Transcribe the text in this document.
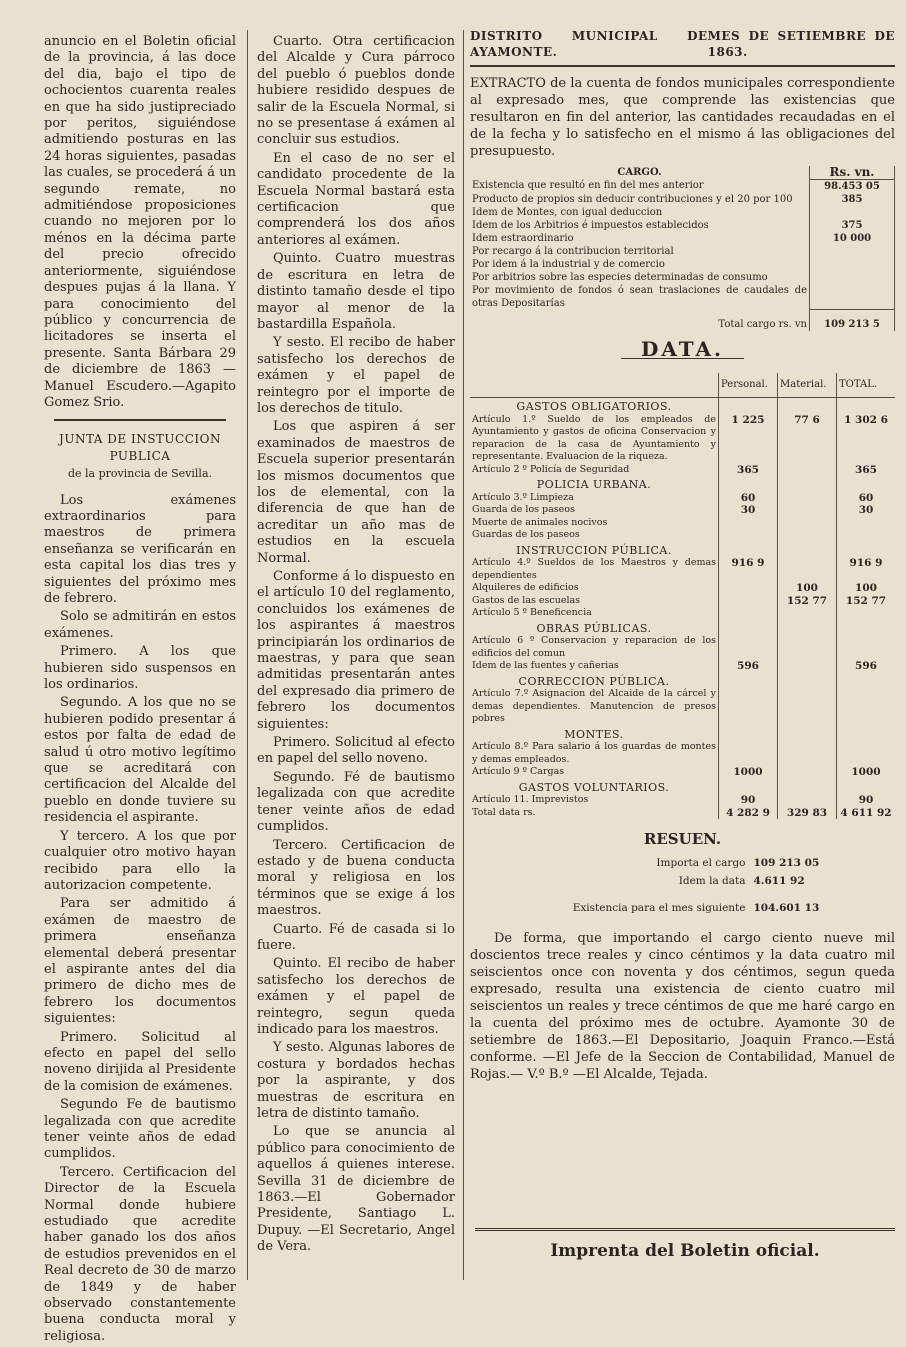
anuncio en el Boletin oficial de la provincia, á las doce del dia, bajo el tipo de ochocientos cuarenta reales en que ha sido justipreciado por peritos, siguiéndose admitiendo posturas en las 24 horas siguientes, pasadas las cuales, se procederá á un segundo remate, no admitiéndose proposiciones cuando no mejoren por lo ménos en la décima parte del precio ofrecido anteriormente, siguiéndose despues pujas á la llana. Y para conocimiento del público y concurrencia de licitadores se inserta el presente. Santa Bárbara 29 de diciembre de 1863 —Manuel Escudero.—Agapito Gomez Srio.

JUNTA DE INSTUCCION PUBLICA

de la provincia de Sevilla.

Los exámenes extraordinarios para maestros de primera enseñanza se verificarán en esta capital los dias tres y siguientes del próximo mes de febrero.

Solo se admitirán en estos exámenes.

Primero. A los que hubieren sido suspensos en los ordinarios.

Segundo. A los que no se hubieren podido presentar á estos por falta de edad de salud ú otro motivo legítimo que se acreditará con certificacion del Alcalde del pueblo en donde tuviere su residencia el aspirante.

Y tercero. A los que por cualquier otro motivo hayan recibido para ello la autorizacion competente.

Para ser admitido á exámen de maestro de primera enseñanza elemental deberá presentar el aspirante antes del dia primero de dicho mes de febrero los documentos siguientes:

Primero. Solicitud al efecto en papel del sello noveno dirijida al Presidente de la comision de exámenes.

Segundo Fe de bautismo legalizada con que acredite tener veinte años de edad cumplidos.

Tercero. Certificacion del Director de la Escuela Normal donde hubiere estudiado que acredite haber ganado los dos años de estudios prevenidos en el Real decreto de 30 de marzo de 1849 y de haber observado constantemente buena conducta moral y religiosa.

Cuarto. Otra certificacion del Alcalde y Cura párroco del pueblo ó pueblos donde hubiere residido despues de salir de la Escuela Normal, si no se presentase á exámen al concluir sus estudios.

En el caso de no ser el candidato procedente de la Escuela Normal bastará esta certificacion que comprenderá los dos años anteriores al exámen.

Quinto. Cuatro muestras de escritura en letra de distinto tamaño desde el tipo mayor al menor de la bastardilla Española.

Y sesto. El recibo de haber satisfecho los derechos de exámen y el papel de reintegro por el importe de los derechos de titulo.

Los que aspiren á ser examinados de maestros de Escuela superior presentarán los mismos documentos que los de elemental, con la diferencia de que han de acreditar un año mas de estudios en la escuela Normal.

Conforme á lo dispuesto en el artículo 10 del reglamento, concluidos los exámenes de los aspirantes á maestros principiarán los ordinarios de maestras, y para que sean admitidas presentarán antes del expresado dia primero de febrero los documentos siguientes:

Primero. Solicitud al efecto en papel del sello noveno.

Segundo. Fé de bautismo legalizada con que acredite tener veinte años de edad cumplidos.

Tercero. Certificacion de estado y de buena conducta moral y religiosa en los términos que se exige á los maestros.

Cuarto. Fé de casada si lo fuere.

Quinto. El recibo de haber satisfecho los derechos de exámen y el papel de reintegro, segun queda indicado para los maestros.

Y sesto. Algunas labores de costura y bordados hechas por la aspirante, y dos muestras de escritura en letra de distinto tamaño.

Lo que se anuncia al público para conocimiento de aquellos á quienes interese. Sevilla 31 de diciembre de 1863.—El Gobernador Presidente, Santiago L. Dupuy. —El Secretario, Angel de Vera.

DISTRITO MUNICIPAL DE AYAMONTE.
MES DE SETIEMBRE DE 1863.

EXTRACTO de la cuenta de fondos municipales correspondiente al expresado mes, que comprende las existencias que resultaron en fin del anterior, las cantidades recaudadas en el de la fecha y lo satisfecho en el mismo á las obligaciones del presupuesto.

CARGO.	Rs. vn.
Existencia que resultó en fin del mes anterior	98.453 05
Producto de propios sin deducir contribuciones y el 20 por 100	385
Idem de Montes, con igual deduccion	
Idem de los Arbitrios é impuestos establecidos	375
Idem estraordinario	10 000
Por recargo á la contribucion territorial	
Por idem á la industrial y de comercio	
Por arbitrios sobre las especies determinadas de consumo	
Por movimiento de fondos ó sean traslaciones de caudales de otras Depositarías	
Total cargo rs. vn	109 213 5
DATA.
	Personal.	Material.	TOTAL.
GASTOS OBLIGATORIOS.			
Artículo 1.º Sueldo de los empleados de Ayuntamiento y gastos de oficina Conservacion y reparacion de la casa de Ayuntamiento y representante. Evaluacion de la riqueza.	1 225	77 6	1 302 6
Artículo 2 º Policía de Seguridad	365		365
POLICIA URBANA.			
Artículo 3.º Limpieza	60		60
Guarda de los paseos	30		30
Muerte de animales nocivos			
Guardas de los paseos			
INSTRUCCION PÚBLICA.			
Artículo 4.º Sueldos de los Maestros y demas dependientes	916 9		916 9
Alquileres de edificios		100	100
Gastos de las escuelas		152 77	152 77
Artículo 5 º Beneficencia			
OBRAS PÚBLICAS.			
Artículo 6 º Conservacion y reparacion de los edificios del comun			
Idem de las fuentes y cañerias	596		596
CORRECCION PÚBLICA.			
Artículo 7.º Asignacion del Alcaide de la cárcel y demas dependientes. Manutencion de presos pobres			
MONTES.			
Artículo 8.º Para salario á los guardas de montes y demas empleados.			
Artículo 9 º Cargas	1000		1000
GASTOS VOLUNTARIOS.			
Artículo 11. Imprevistos	90		90
Total data rs.	4 282 9	329 83	4 611 92
RESUEN.
Importa el cargo	109 213 05
Idem la data	4.611 92
Existencia para el mes siguiente	104.601 13

De forma, que importando el cargo ciento nueve mil doscientos trece reales y cinco céntimos y la data cuatro mil seiscientos once con noventa y dos céntimos, segun queda expresado, resulta una existencia de ciento cuatro mil seiscientos un reales y trece céntimos de que me haré cargo en la cuenta del próximo mes de octubre. Ayamonte 30 de setiembre de 1863.—El Depositario, Joaquin Franco.—Está conforme. —El Jefe de la Seccion de Contabilidad, Manuel de Rojas.— V.º B.º —El Alcalde, Tejada.

Imprenta del Boletin oficial.
